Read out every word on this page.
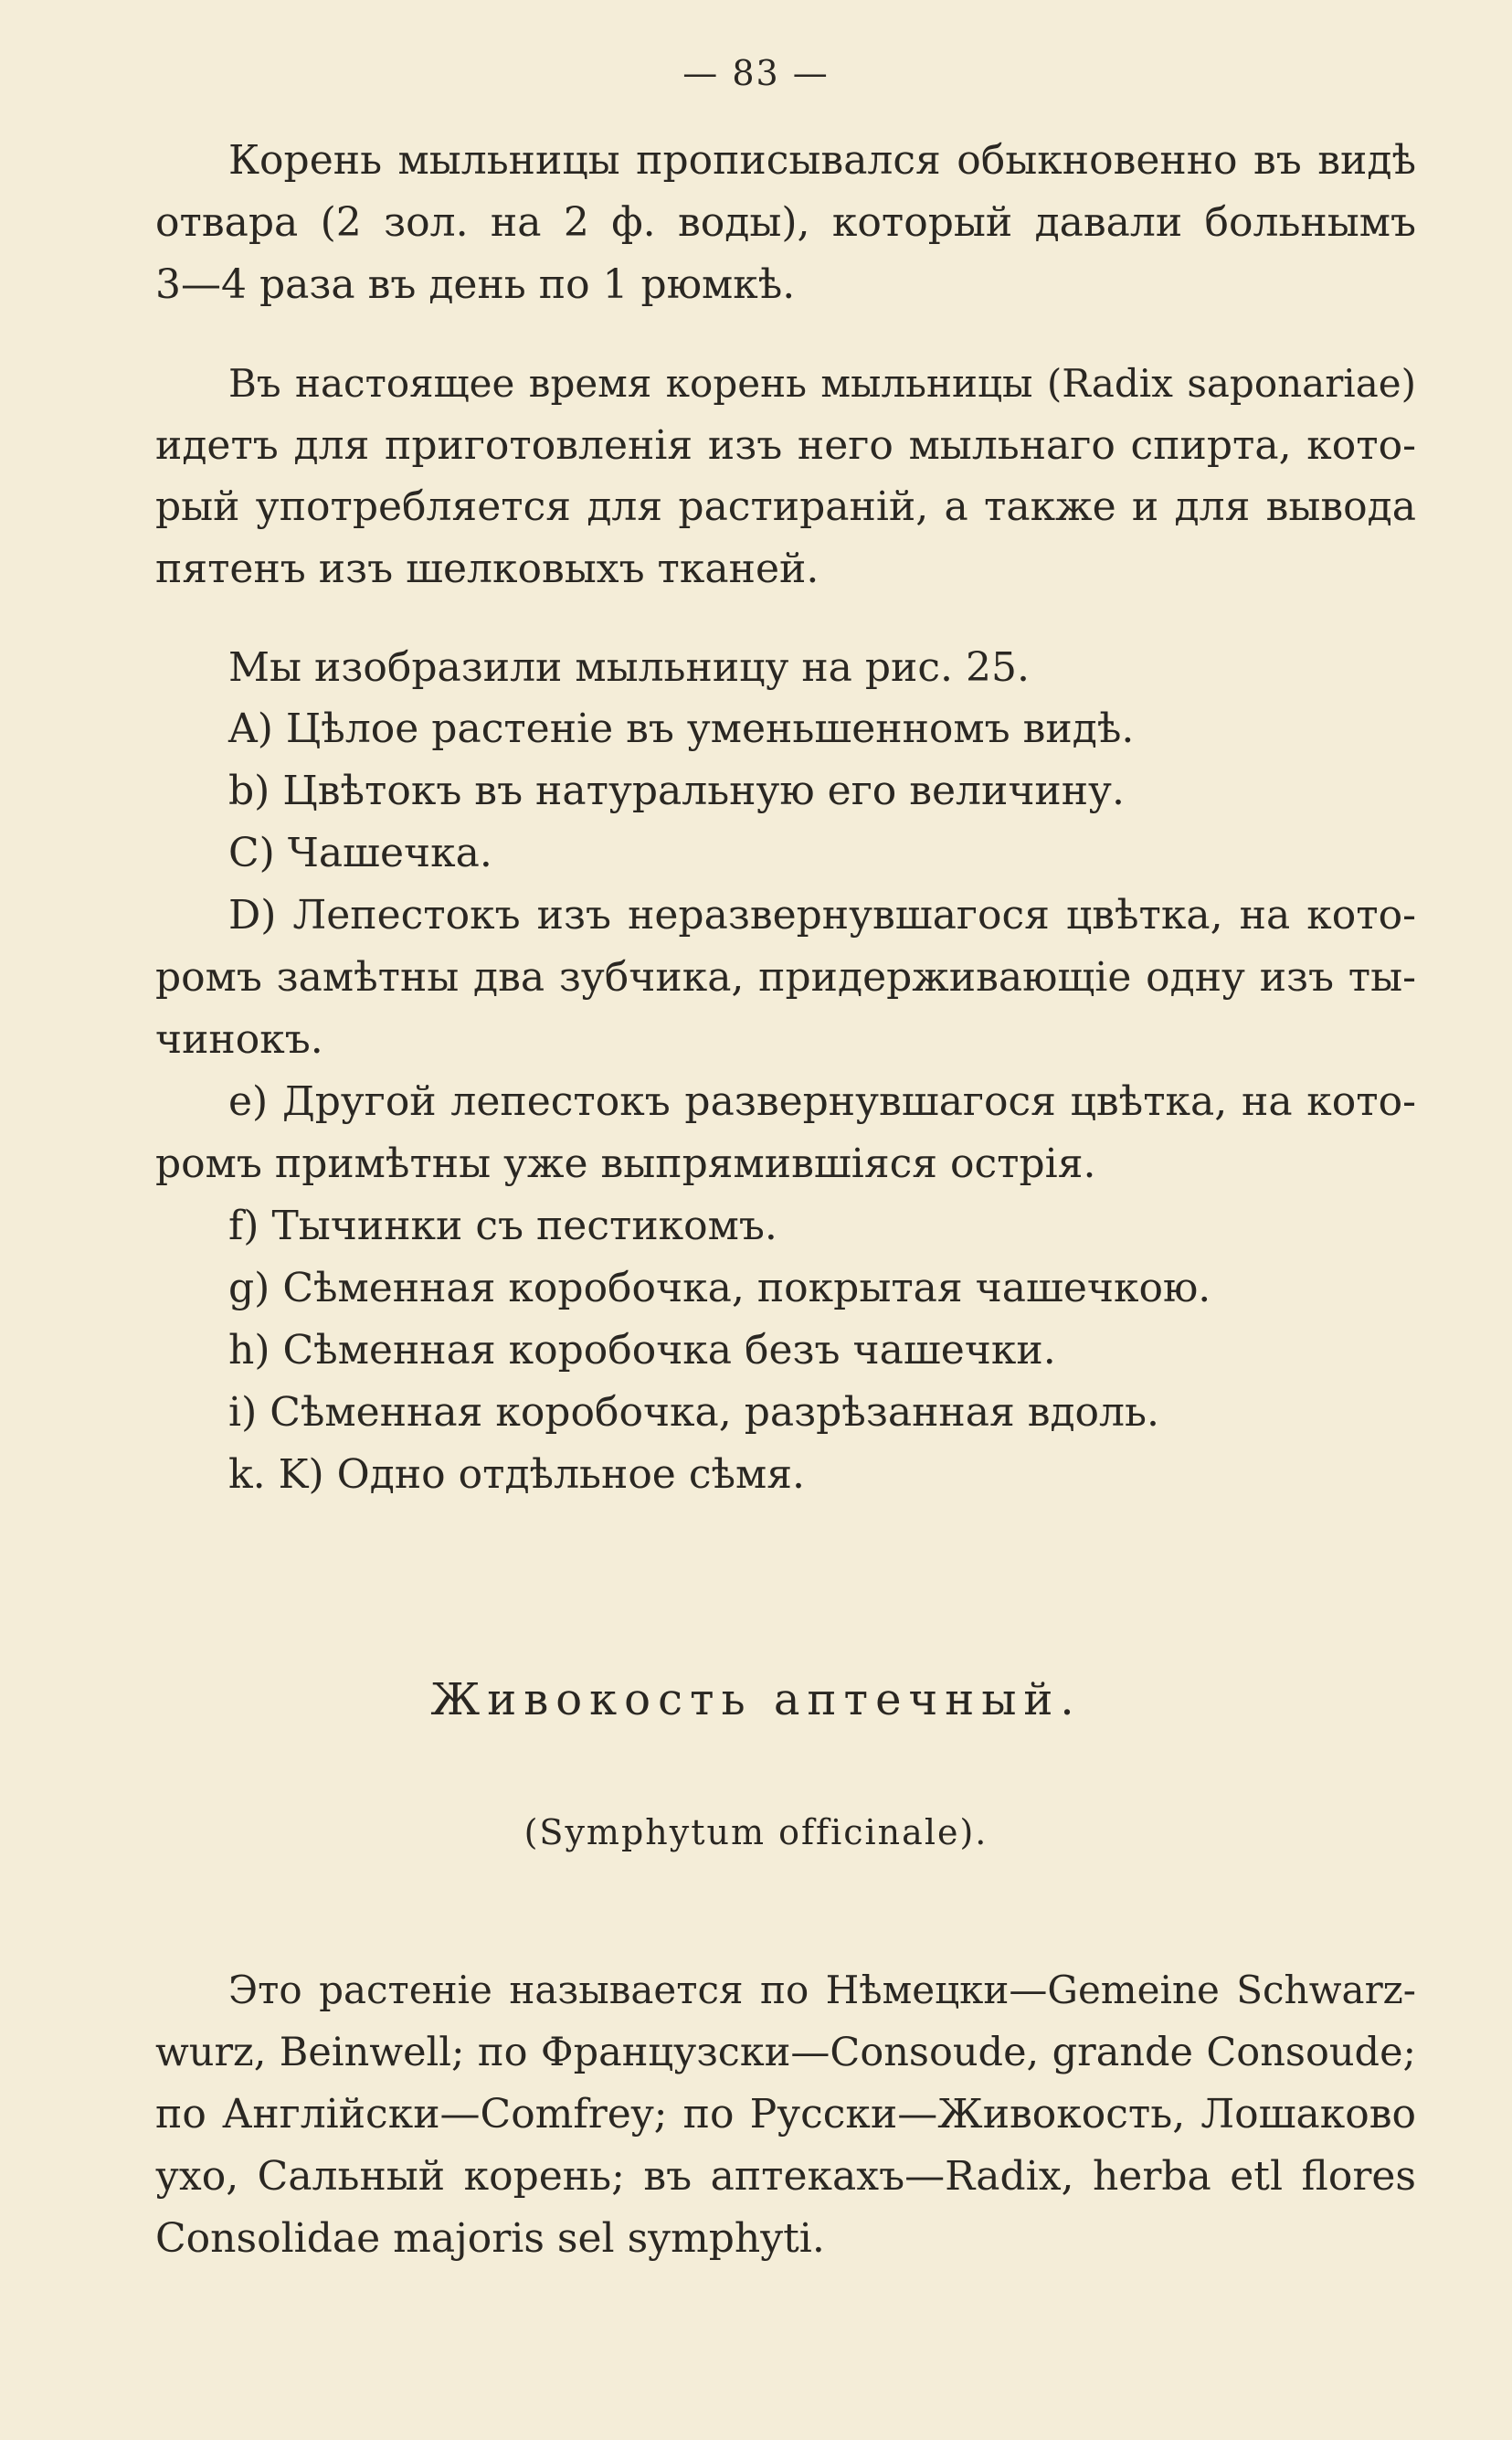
— 83 —
Корень мыльницы прописывался обыкновенно въ видѣ
отвара (2 зол. на 2 ф. воды), который давали больнымъ
3—4 раза въ день по 1 рюмкѣ.
Въ настоящее время корень мыльницы (Radix saponariae)
идетъ для приготовленія изъ него мыльнаго спирта, кото-
рый употребляется для растираній, а также и для вывода
пятенъ изъ шелковыхъ тканей.
Мы изобразили мыльницу на рис. 25.
A) Цѣлое растеніе въ уменьшенномъ видѣ.
b) Цвѣтокъ въ натуральную его величину.
C) Чашечка.
D) Лепестокъ изъ неразвернувшагося цвѣтка, на кото-
ромъ замѣтны два зубчика, придерживающіе одну изъ ты-
чинокъ.
e) Другой лепестокъ развернувшагося цвѣтка, на кото-
ромъ примѣтны уже выпрямившіяся острія.
f) Тычинки съ пестикомъ.
g) Сѣменная коробочка, покрытая чашечкою.
h) Сѣменная коробочка безъ чашечки.
i) Сѣменная коробочка, разрѣзанная вдоль.
k. K) Одно отдѣльное сѣмя.
Живокость аптечный.
(Symphytum officinale).
Это растеніе называется по Нѣмецки—Gemeine Schwarz-
wurz, Beinwell; по Французски—Consoude, grande Consoude;
по Англійски—Comfrey; по Русски—Живокость, Лошаково
ухо, Сальный корень; въ аптекахъ—Radix, herba etl flores
Consolidae majoris sel symphyti.
